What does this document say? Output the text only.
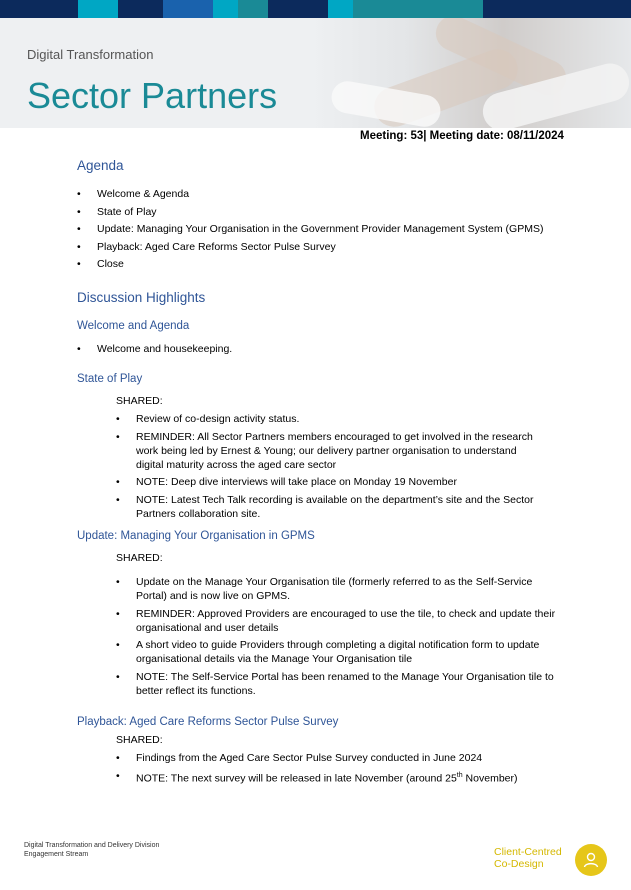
Digital Transformation
Sector Partners
Meeting: 53| Meeting date: 08/11/2024
Agenda
• Welcome & Agenda
• State of Play
• Update: Managing Your Organisation in the Government Provider Management System (GPMS)
• Playback: Aged Care Reforms Sector Pulse Survey
• Close
Discussion Highlights
Welcome and Agenda
• Welcome and housekeeping.
State of Play
SHARED:
• Review of co-design activity status.
• REMINDER: All Sector Partners members encouraged to get involved in the research work being led by Ernest & Young; our delivery partner organisation to understand digital maturity across the aged care sector
• NOTE: Deep dive interviews will take place on Monday 19 November
• NOTE: Latest Tech Talk recording is available on the department’s site and the Sector Partners collaboration site.
Update: Managing Your Organisation in GPMS
SHARED:
• Update on the Manage Your Organisation tile (formerly referred to as the Self-Service Portal) and is now live on GPMS.
• REMINDER: Approved Providers are encouraged to use the tile, to check and update their organisational and user details
• A short video to guide Providers through completing a digital notification form to update organisational details via the Manage Your Organisation tile
• NOTE: The Self-Service Portal has been renamed to the Manage Your Organisation tile to better reflect its functions.
Playback: Aged Care Reforms Sector Pulse Survey
SHARED:
• Findings from the Aged Care Sector Pulse Survey conducted in June 2024
• NOTE: The next survey will be released in late November (around 25th November)
Digital Transformation and Delivery Division
Engagement Stream	Client-Centred
Co-Design
